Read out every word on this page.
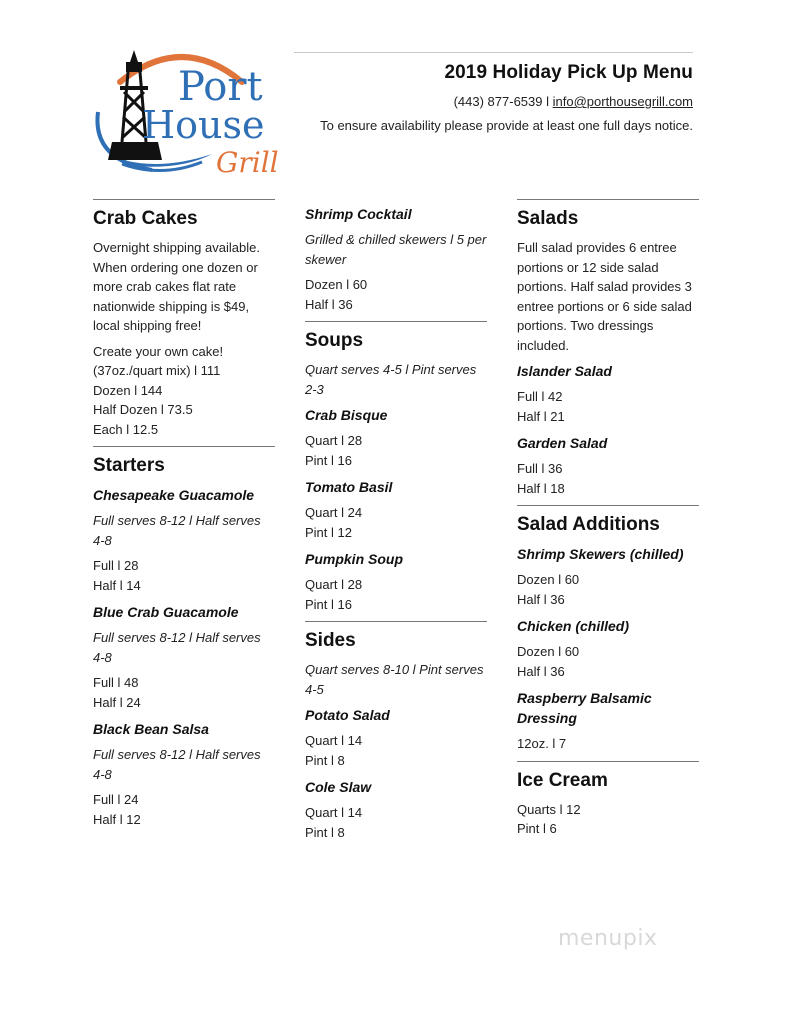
Port
House
Grill
2019 Holiday Pick Up Menu
(443) 877-6539 l info@porthousegrill.com
To ensure availability please provide at least one full days notice.
Crab Cakes
Overnight shipping available. When ordering one dozen or more crab cakes flat rate nationwide shipping is $49, local shipping free!
Create your own cake!
(37oz./quart mix) l 111
Dozen l 144
Half Dozen l 73.5
Each l 12.5
Starters
Chesapeake Guacamole
Full serves 8-12 l Half serves 4-8
Full l 28
Half l 14
Blue Crab Guacamole
Full serves 8-12 l Half serves 4-8
Full l 48
Half l 24
Black Bean Salsa
Full serves 8-12 l Half serves 4-8
Full l 24
Half l 12
Shrimp Cocktail
Grilled & chilled skewers l 5 per skewer
Dozen l 60
Half l 36
Soups
Quart serves 4-5 l Pint serves 2-3
Crab Bisque
Quart l 28
Pint l 16
Tomato Basil
Quart l 24
Pint l 12
Pumpkin Soup
Quart l 28
Pint l 16
Sides
Quart serves 8-10 l Pint serves 4-5
Potato Salad
Quart l 14
Pint l 8
Cole Slaw
Quart l 14
Pint l 8
Salads
Full salad provides 6 entree portions or 12 side salad portions. Half salad provides 3 entree portions or 6 side salad portions. Two dressings included.
Islander Salad
Full l 42
Half l 21
Garden Salad
Full l 36
Half l 18
Salad Additions
Shrimp Skewers (chilled)
Dozen l 60
Half l 36
Chicken (chilled)
Dozen l 60
Half l 36
Raspberry Balsamic Dressing
12oz. l 7
Ice Cream
Quarts l 12
Pint l 6
menupix
